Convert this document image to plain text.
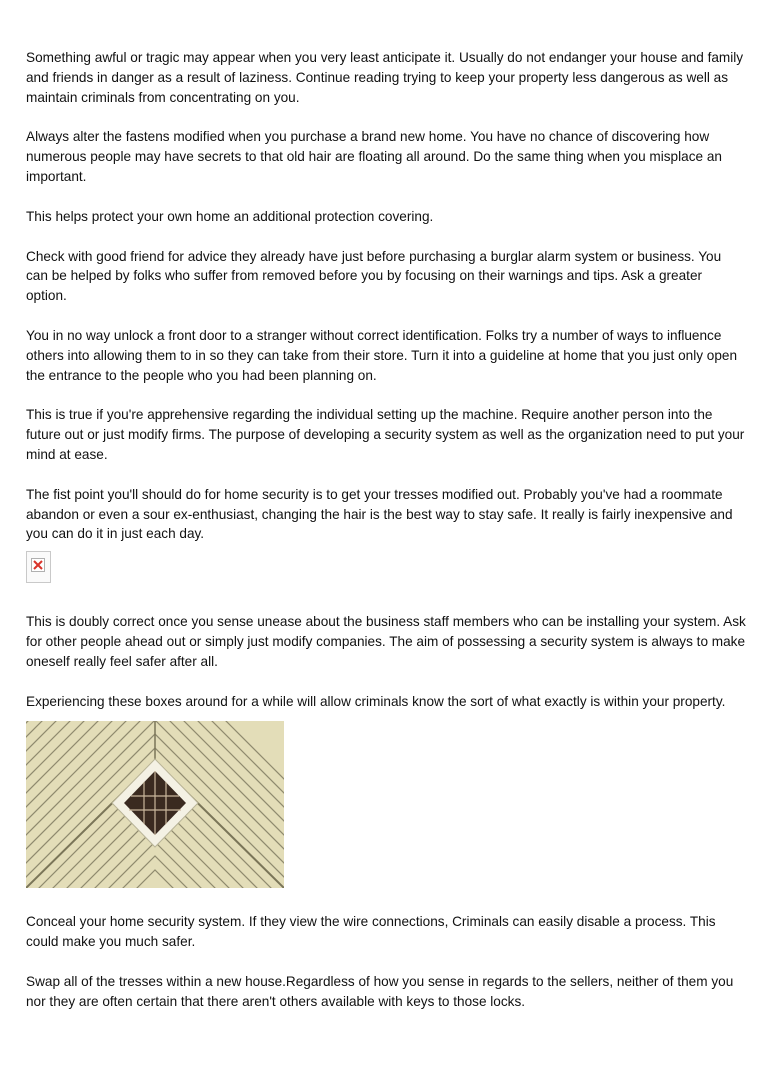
Something awful or tragic may appear when you very least anticipate it. Usually do not endanger your house and family and friends in danger as a result of laziness. Continue reading trying to keep your property less dangerous as well as maintain criminals from concentrating on you.

Always alter the fastens modified when you purchase a brand new home. You have no chance of discovering how numerous people may have secrets to that old hair are floating all around. Do the same thing when you misplace an important.

This helps protect your own home an additional protection covering.

Check with good friend for advice they already have just before purchasing a burglar alarm system or business. You can be helped by folks who suffer from removed before you by focusing on their warnings and tips. Ask a greater option.

You in no way unlock a front door to a stranger without correct identification. Folks try a number of ways to influence others into allowing them to in so they can take from their store. Turn it into a guideline at home that you just only open the entrance to the people who you had been planning on.

This is true if you're apprehensive regarding the individual setting up the machine. Require another person into the future out or just modify firms. The purpose of developing a security system as well as the organization need to put your mind at ease.

The fist point you'll should do for home security is to get your tresses modified out. Probably you've had a roommate abandon or even a sour ex-enthusiast, changing the hair is the best way to stay safe. It really is fairly inexpensive and you can do it in just each day.

This is doubly correct once you sense unease about the business staff members who can be installing your system. Ask for other people ahead out or simply just modify companies. The aim of possessing a security system is always to make oneself really feel safer after all.

Experiencing these boxes around for a while will allow criminals know the sort of what exactly is within your property.

Conceal your home security system. If they view the wire connections, Criminals can easily disable a process. This could make you much safer.

Swap all of the tresses within a new house.Regardless of how you sense in regards to the sellers, neither of them you nor they are often certain that there aren't others available with keys to those locks.
